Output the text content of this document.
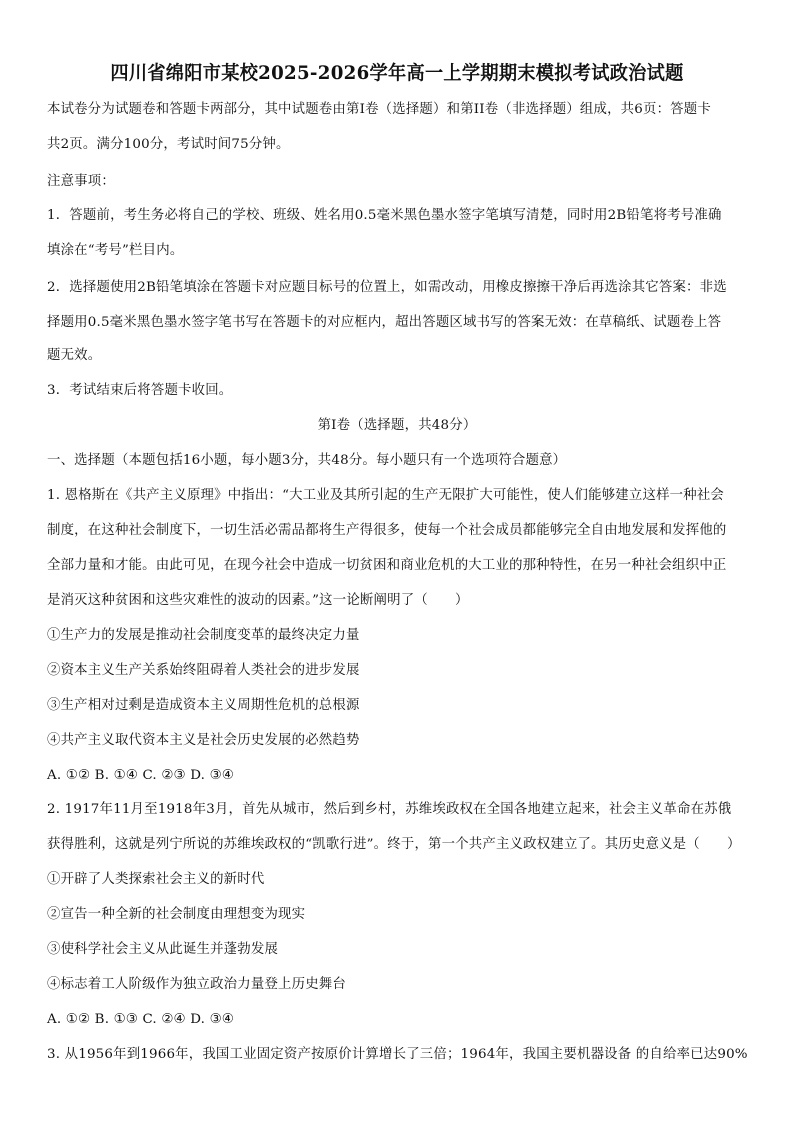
四川省绵阳市某校2025-2026学年高一上学期期末模拟考试政治试题
本试卷分为试题卷和答题卡两部分，其中试题卷由第I卷（选择题）和第II卷（非选择题）组成，共6页：答题卡
共2页。满分100分，考试时间75分钟。
注意事项：
1．答题前，考生务必将自己的学校、班级、姓名用0.5毫米黑色墨水签字笔填写清楚，同时用2B铅笔将考号准确
填涂在“考号”栏目内。
2．选择题使用2B铅笔填涂在答题卡对应题目标号的位置上，如需改动，用橡皮擦擦干净后再选涂其它答案：非选
择题用0.5毫米黑色墨水签字笔书写在答题卡的对应框内，超出答题区域书写的答案无效：在草稿纸、试题卷上答
题无效。
3．考试结束后将答题卡收回。
第I卷（选择题，共48分）
一、选择题（本题包括16小题，每小题3分，共48分。每小题只有一个选项符合题意）
1. 恩格斯在《共产主义原理》中指出：“大工业及其所引起的生产无限扩大可能性，使人们能够建立这样一种社会
制度，在这种社会制度下，一切生活必需品都将生产得很多，使每一个社会成员都能够完全自由地发展和发挥他的
全部力量和才能。由此可见，在现今社会中造成一切贫困和商业危机的大工业的那种特性，在另一种社会组织中正
是消灭这种贫困和这些灾难性的波动的因素。”这一论断阐明了（　　）
①生产力的发展是推动社会制度变革的最终决定力量
②资本主义生产关系始终阻碍着人类社会的进步发展
③生产相对过剩是造成资本主义周期性危机的总根源
④共产主义取代资本主义是社会历史发展的必然趋势
A. ①② B. ①④ C. ②③ D. ③④
2. 1917年11月至1918年3月，首先从城市，然后到乡村，苏维埃政权在全国各地建立起来，社会主义革命在苏俄
获得胜利，这就是列宁所说的苏维埃政权的“凯歌行进”。终于，第一个共产主义政权建立了。其历史意义是（　　）
①开辟了人类探索社会主义的新时代
②宣告一种全新的社会制度由理想变为现实
③使科学社会主义从此诞生并蓬勃发展
④标志着工人阶级作为独立政治力量登上历史舞台
A. ①② B. ①③ C. ②④ D. ③④
3. 从1956年到1966年，我国工业固定资产按原价计算增长了三倍；1964年，我国主要机器设备 的自给率已达90%
